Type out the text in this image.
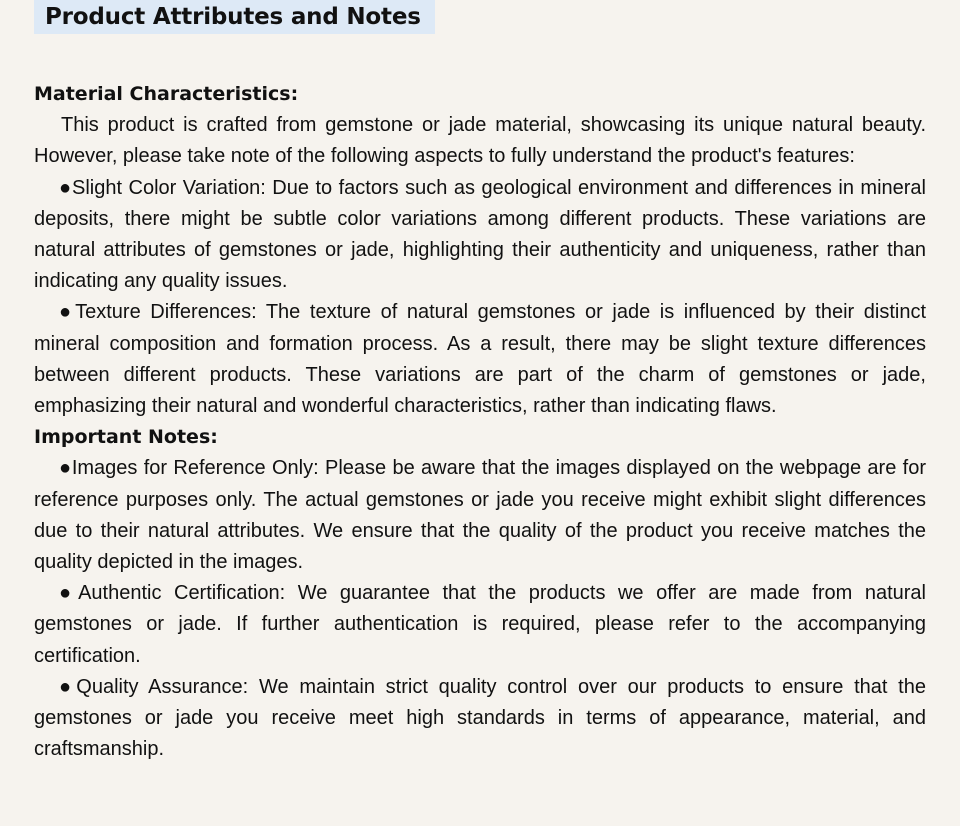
Product Attributes and Notes

Material Characteristics:

This product is crafted from gemstone or jade material, showcasing its unique natural beauty. However, please take note of the following aspects to fully understand the product's features:

●Slight Color Variation: Due to factors such as geological environment and differences in mineral deposits, there might be subtle color variations among different products. These variations are natural attributes of gemstones or jade, highlighting their authenticity and uniqueness, rather than indicating any quality issues.

●Texture Differences: The texture of natural gemstones or jade is influenced by their distinct mineral composition and formation process. As a result, there may be slight texture differences between different products. These variations are part of the charm of gemstones or jade, emphasizing their natural and wonderful characteristics, rather than indicating flaws.

Important Notes:

●Images for Reference Only: Please be aware that the images displayed on the webpage are for reference purposes only. The actual gemstones or jade you receive might exhibit slight differences due to their natural attributes. We ensure that the quality of the product you receive matches the quality depicted in the images.

●Authentic Certification: We guarantee that the products we offer are made from natural gemstones or jade. If further authentication is required, please refer to the accompanying certification.

●Quality Assurance: We maintain strict quality control over our products to ensure that the gemstones or jade you receive meet high standards in terms of appearance, material, and craftsmanship.
